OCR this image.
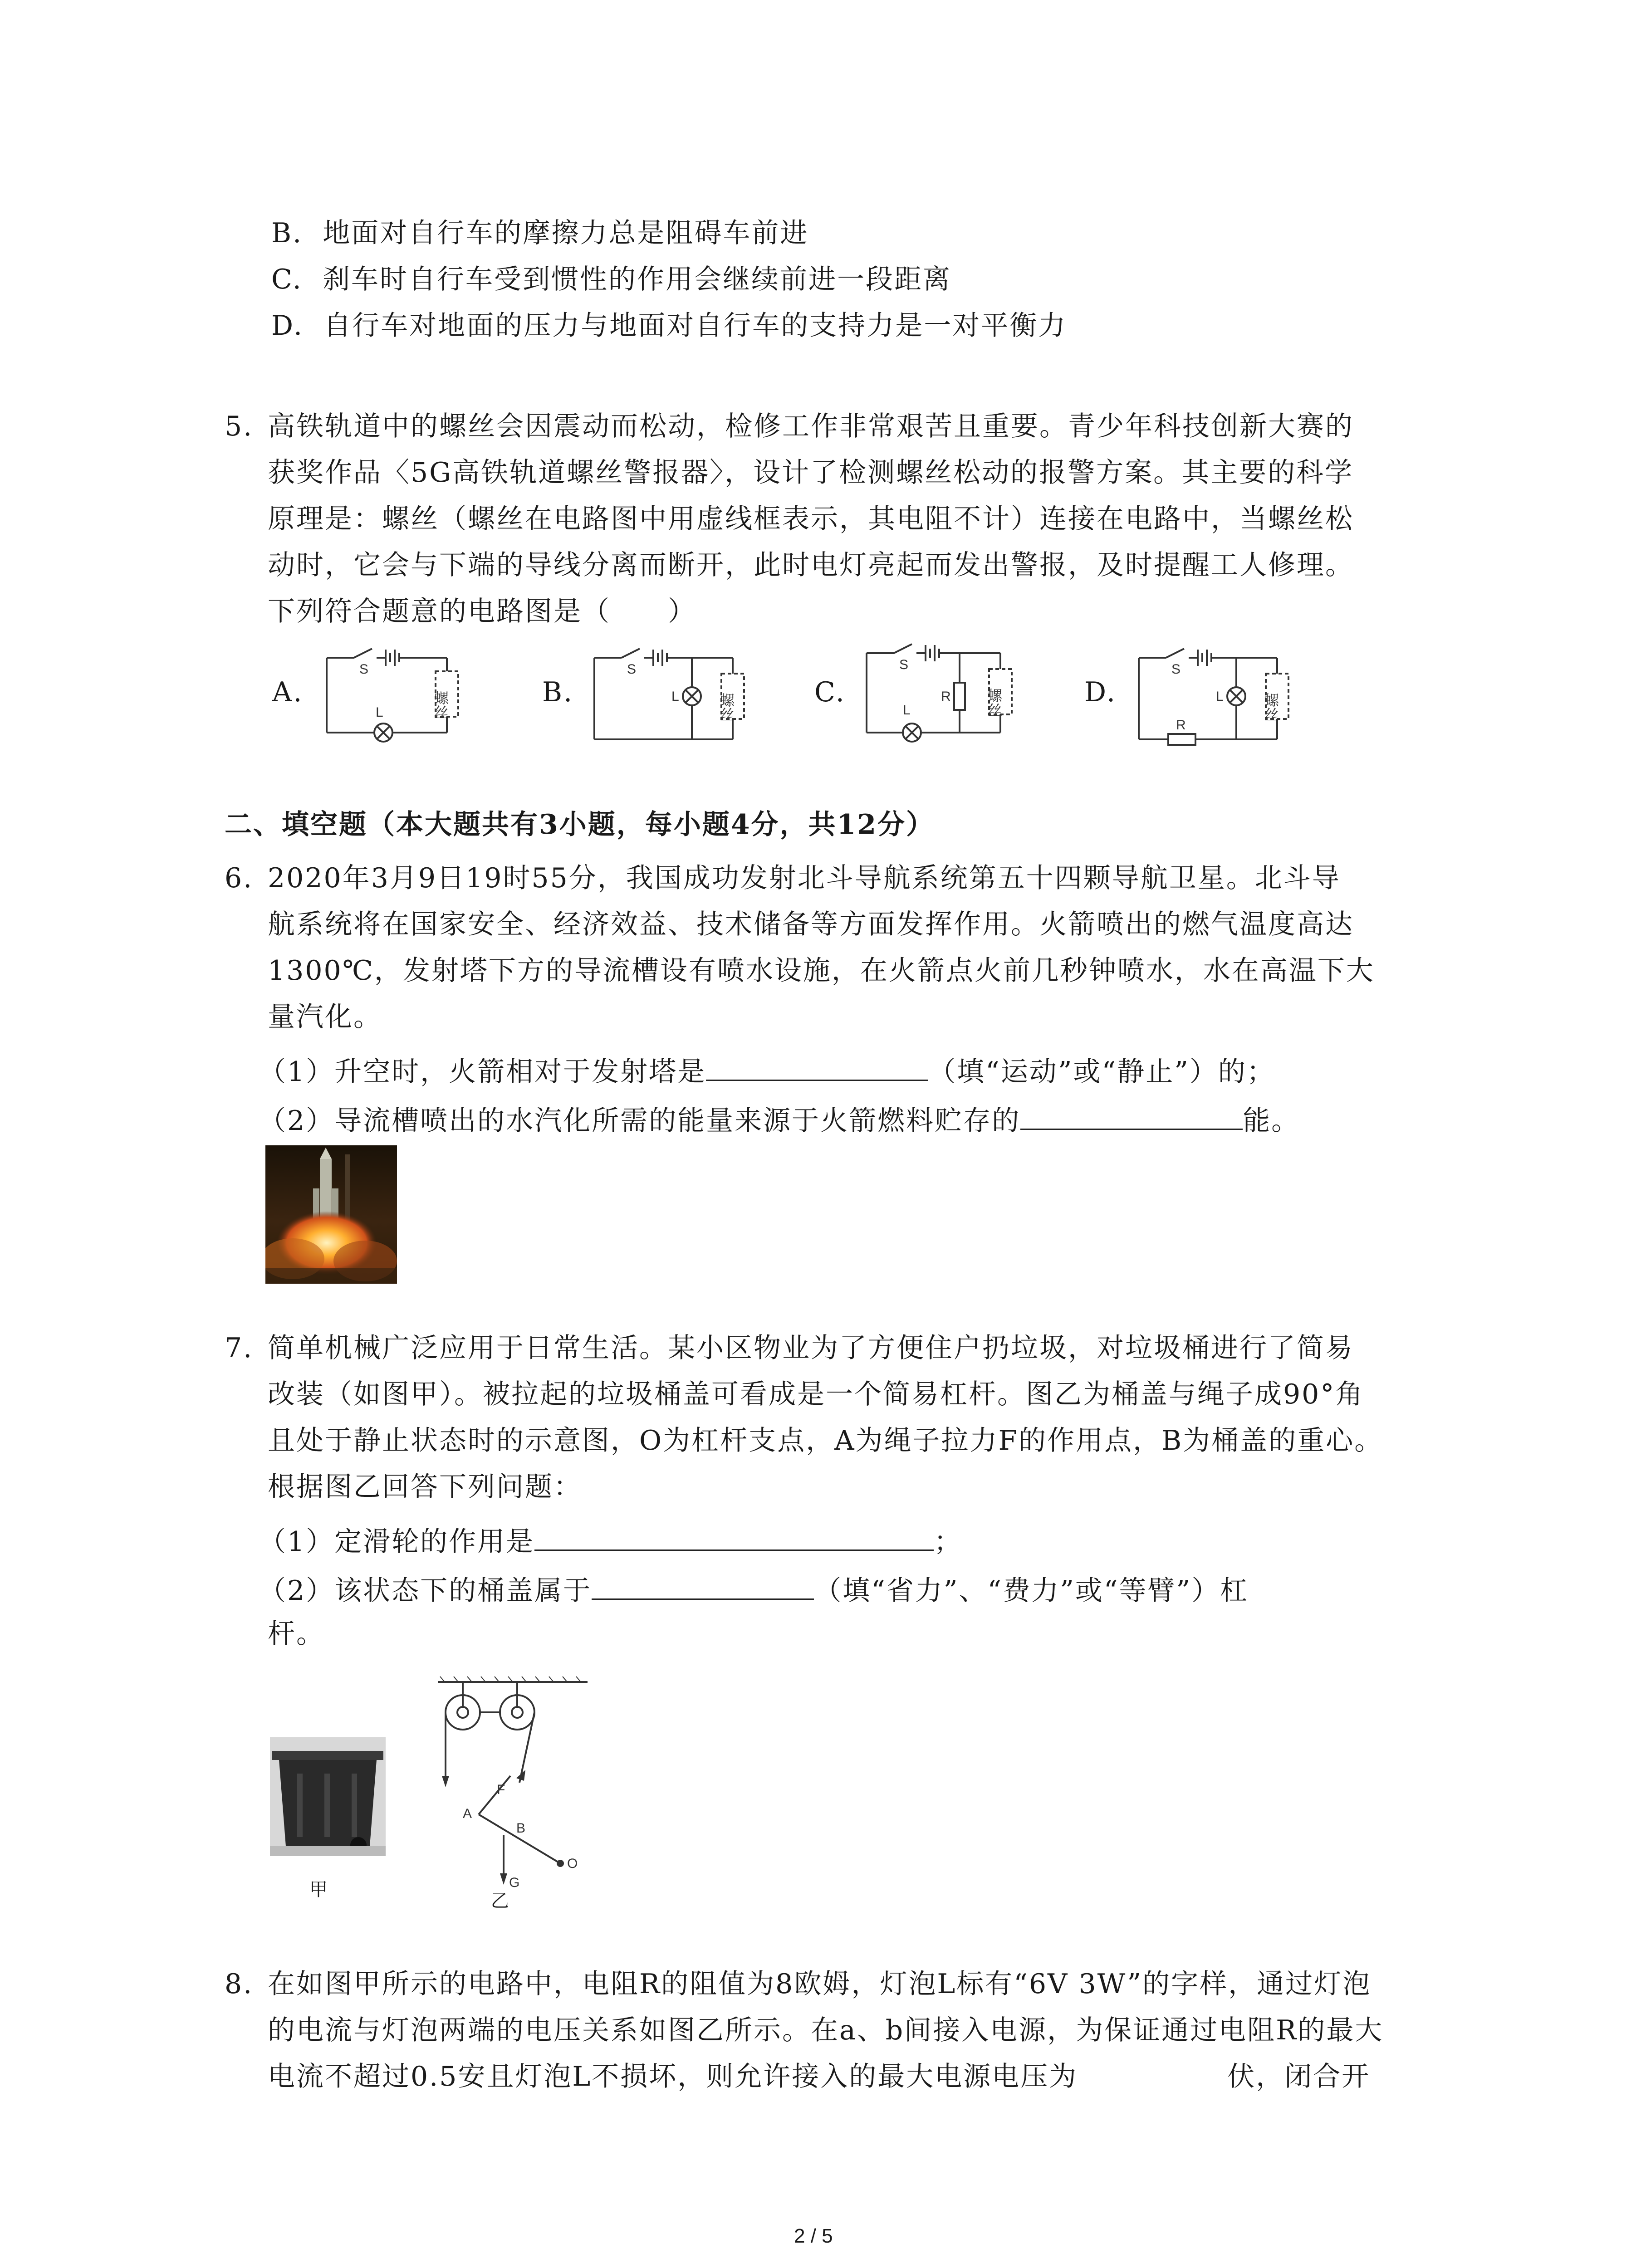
B. 地面对自行车的摩擦力总是阻碍车前进
C. 刹车时自行车受到惯性的作用会继续前进一段距离
D. 自行车对地面的压力与地面对自行车的支持力是一对平衡力
5. 高铁轨道中的螺丝会因震动而松动，检修工作非常艰苦且重要。青少年科技创新大赛的
获奖作品〈5G高铁轨道螺丝警报器〉，设计了检测螺丝松动的报警方案。其主要的科学
原理是：螺丝（螺丝在电路图中用虚线框表示，其电阻不计）连接在电路中，当螺丝松
动时，它会与下端的导线分离而断开，此时电灯亮起而发出警报，及时提醒工人修理。
下列符合题意的电路图是（　　）
A.	B.	C.	D.
S
L	螺丝
S
L	螺丝
S
R
L	螺丝
S
R
L	螺丝
二、填空题（本大题共有3小题，每小题4分，共12分）
6. 2020年3月9日19时55分，我国成功发射北斗导航系统第五十四颗导航卫星。北斗导
航系统将在国家安全、经济效益、技术储备等方面发挥作用。火箭喷出的燃气温度高达
1300℃，发射塔下方的导流槽设有喷水设施，在火箭点火前几秒钟喷水，水在高温下大
量汽化。
（1）升空时，火箭相对于发射塔是	（填“运动”或“静止”）的；
（2）导流槽喷出的水汽化所需的能量来源于火箭燃料贮存的	能。
7. 简单机械广泛应用于日常生活。某小区物业为了方便住户扔垃圾，对垃圾桶进行了简易
改装（如图甲）。被拉起的垃圾桶盖可看成是一个简易杠杆。图乙为桶盖与绳子成90°角
且处于静止状态时的示意图，O为杠杆支点，A为绳子拉力F的作用点，B为桶盖的重心。
根据图乙回答下列问题：
（1）定滑轮的作用是	；
（2）该状态下的桶盖属于	（填“省力”、“费力”或“等臂”）杠
杆。
甲
F
A
B
O
G
乙
8. 在如图甲所示的电路中，电阻R的阻值为8欧姆，灯泡L标有“6V 3W”的字样，通过灯泡
的电流与灯泡两端的电压关系如图乙所示。在a、b间接入电源，为保证通过电阻R的最大
电流不超过0.5安且灯泡L不损坏，则允许接入的最大电源电压为	伏，闭合开
2 / 5
